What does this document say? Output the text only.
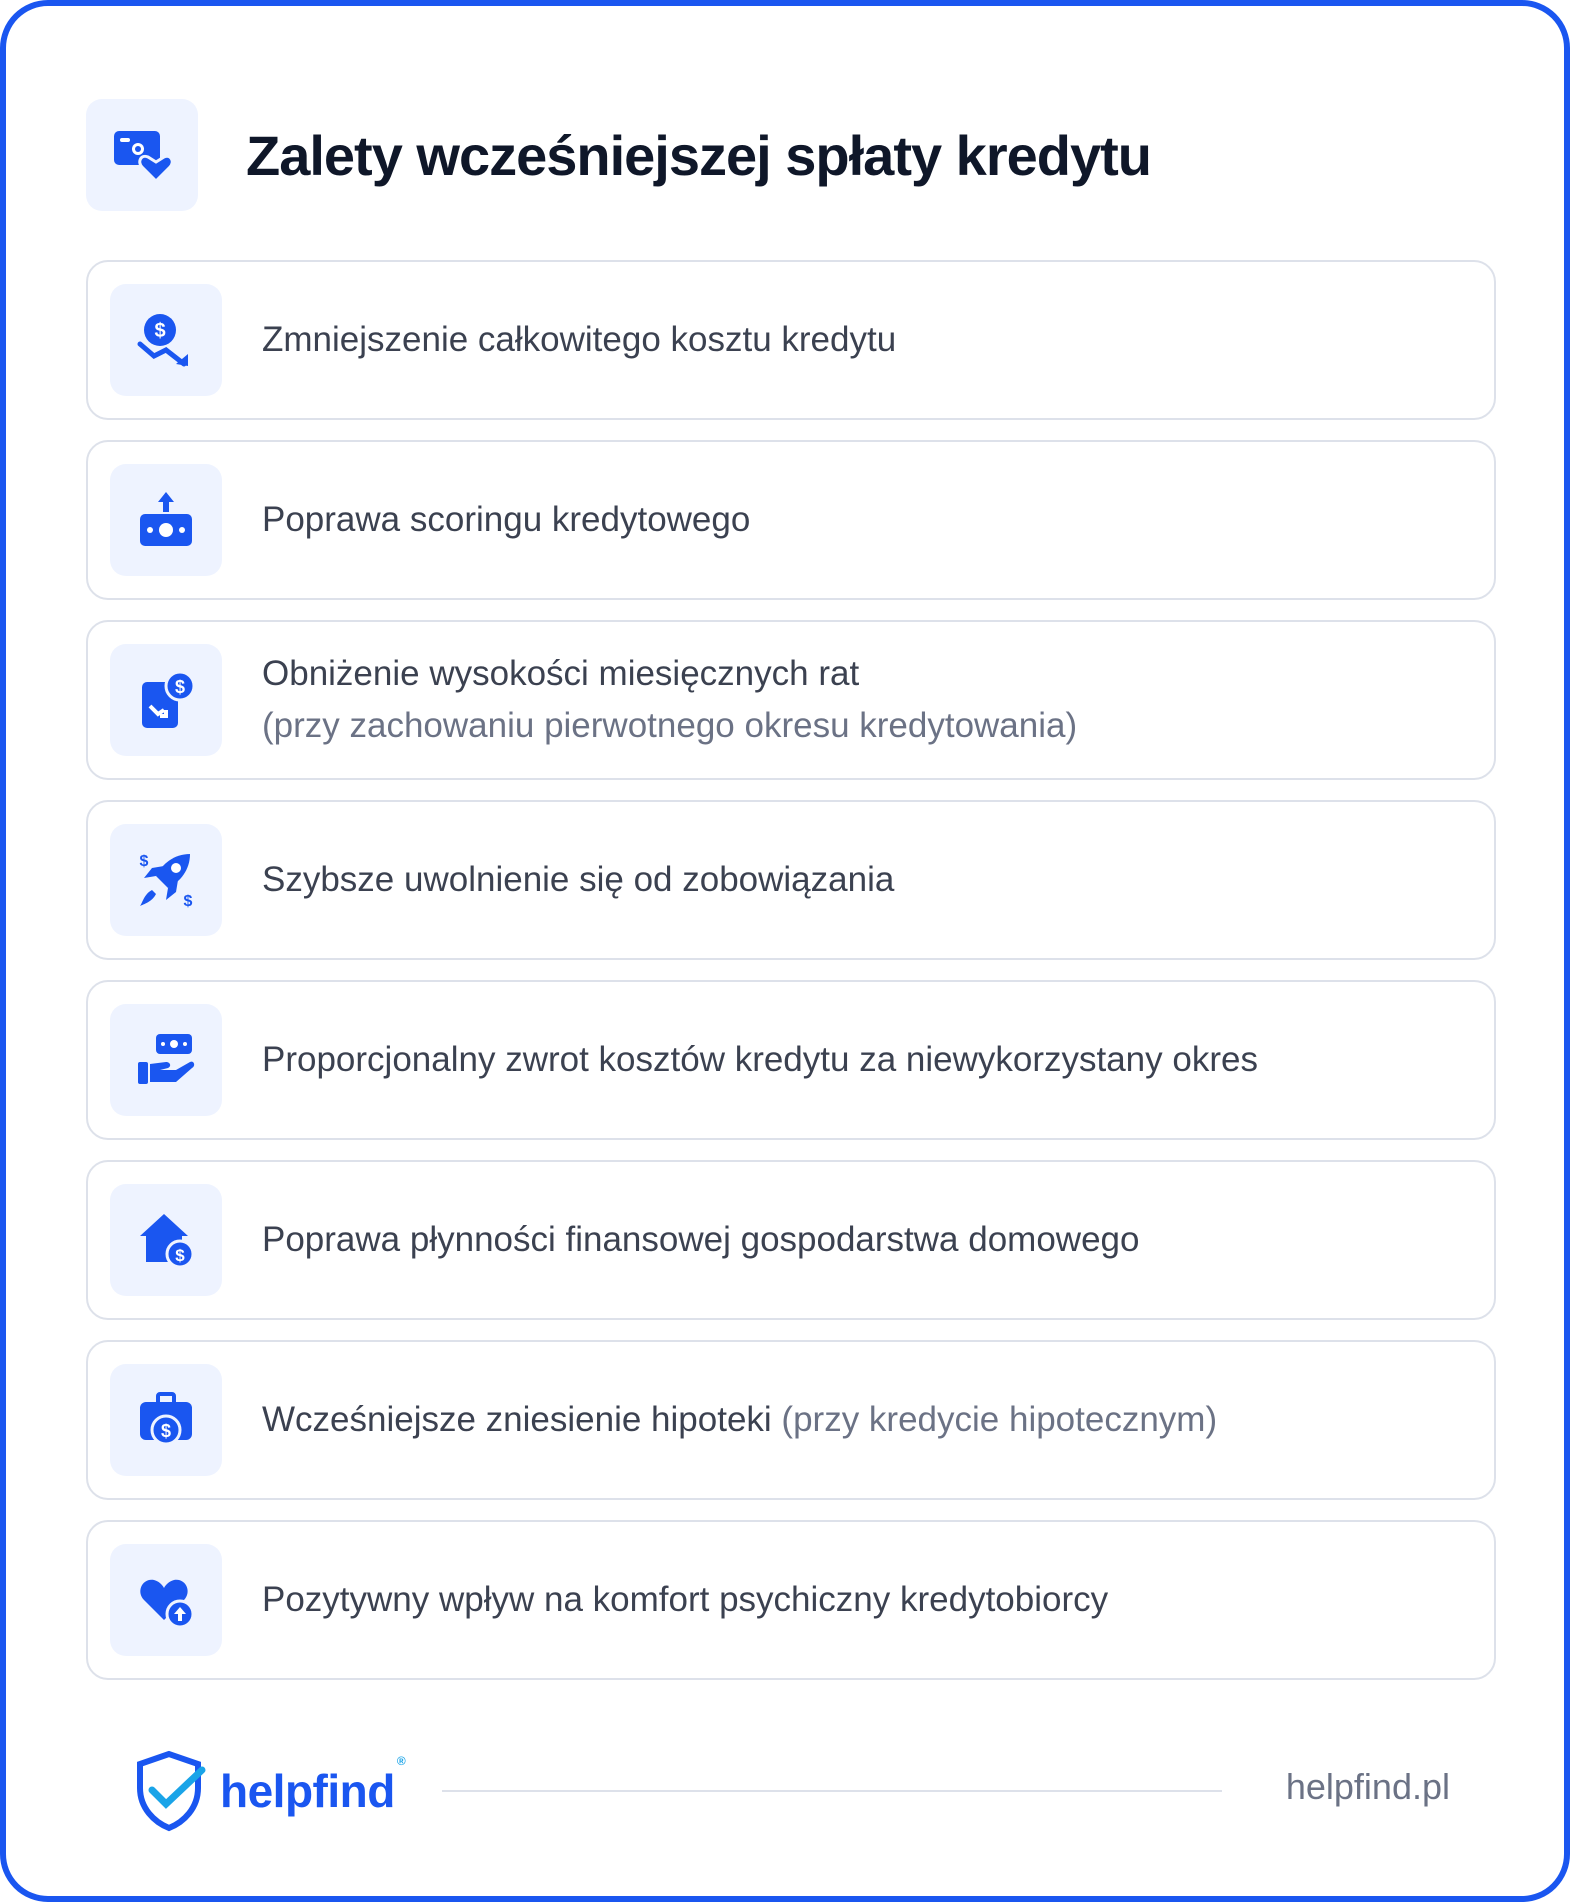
Zalety wcześniejszej spłaty kredytu
$	Zmniejszenie całkowitego kosztu kredytu
Poprawa scoringu kredytowego
$ Obniżenie wysokości miesięcznych rat
(przy zachowaniu pierwotnego okresu kredytowania)
$
$
Szybsze uwolnienie się od zobowiązania
Proporcjonalny zwrot kosztów kredytu za niewykorzystany okres
$ Poprawa płynności finansowej gospodarstwa domowego
$	Wcześniejsze zniesienie hipoteki (przy kredycie hipotecznym)
Pozytywny wpływ na komfort psychiczny kredytobiorcy
helpfind®
helpfind.pl
